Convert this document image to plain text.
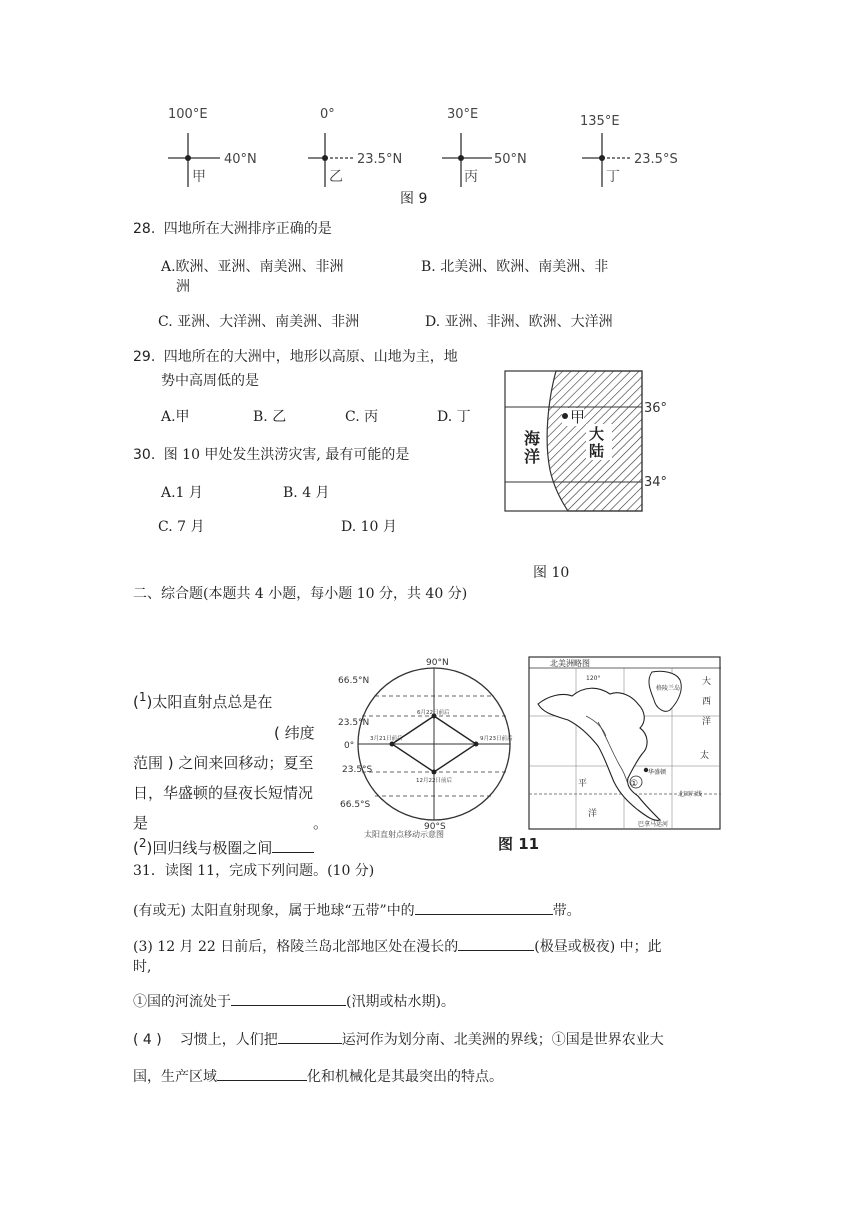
100°E
40°N
甲
0°
23.5°N
乙
30°E
50°N
丙
135°E
23.5°S
丁
图 9
28. 四地所在大洲排序正确的是
A.欧洲、亚洲、南美洲、非洲	B. 北美洲、欧洲、南美洲、非
洲
C. 亚洲、大洋洲、南美洲、非洲	D. 亚洲、非洲、欧洲、大洋洲
29. 四地所在的大洲中，地形以高原、山地为主，地
势中高周低的是
A.甲	B. 乙	C. 丙	D. 丁
30. 图 10 甲处发生洪涝灾害, 最有可能的是
A.1 月	B. 4 月
C. 7 月	D. 10 月
大
陆
海
洋
甲	36°
34°
图 10
二、综合题(本题共 4 小题，每小题 10 分，共 40 分)
($^1$)太阳直射点总是在
( 纬度
范围 ) 之间来回移动；夏至
日，华盛顿的昼夜长短情况
是	。
($^2$)回归线与极圈之间
90°N
66.5°N
23.5°N
0°
23.5°S
66.5°S
90°S
6月22日前后
3月21日前后	9月23日前后
12月22日前后
太阳直射点移动示意图
北美洲略图
120°
格陵兰岛
大
西
洋
太
平
洋
①
华盛顿
北回归线
巴拿马运河
图 11
31．读图 11，完成下列问题。(10 分)
(有或无) 太阳直射现象，属于地球“五带”中的	带。
(3) 12 月 22 日前后，格陵兰岛北部地区处在漫长的	(极昼或极夜) 中；此
时,
①国的河流处于	(汛期或枯水期)。
( 4 ) 习惯上，人们把	运河作为划分南、北美洲的界线；①国是世界农业大
国，生产区域	化和机械化是其最突出的特点。
